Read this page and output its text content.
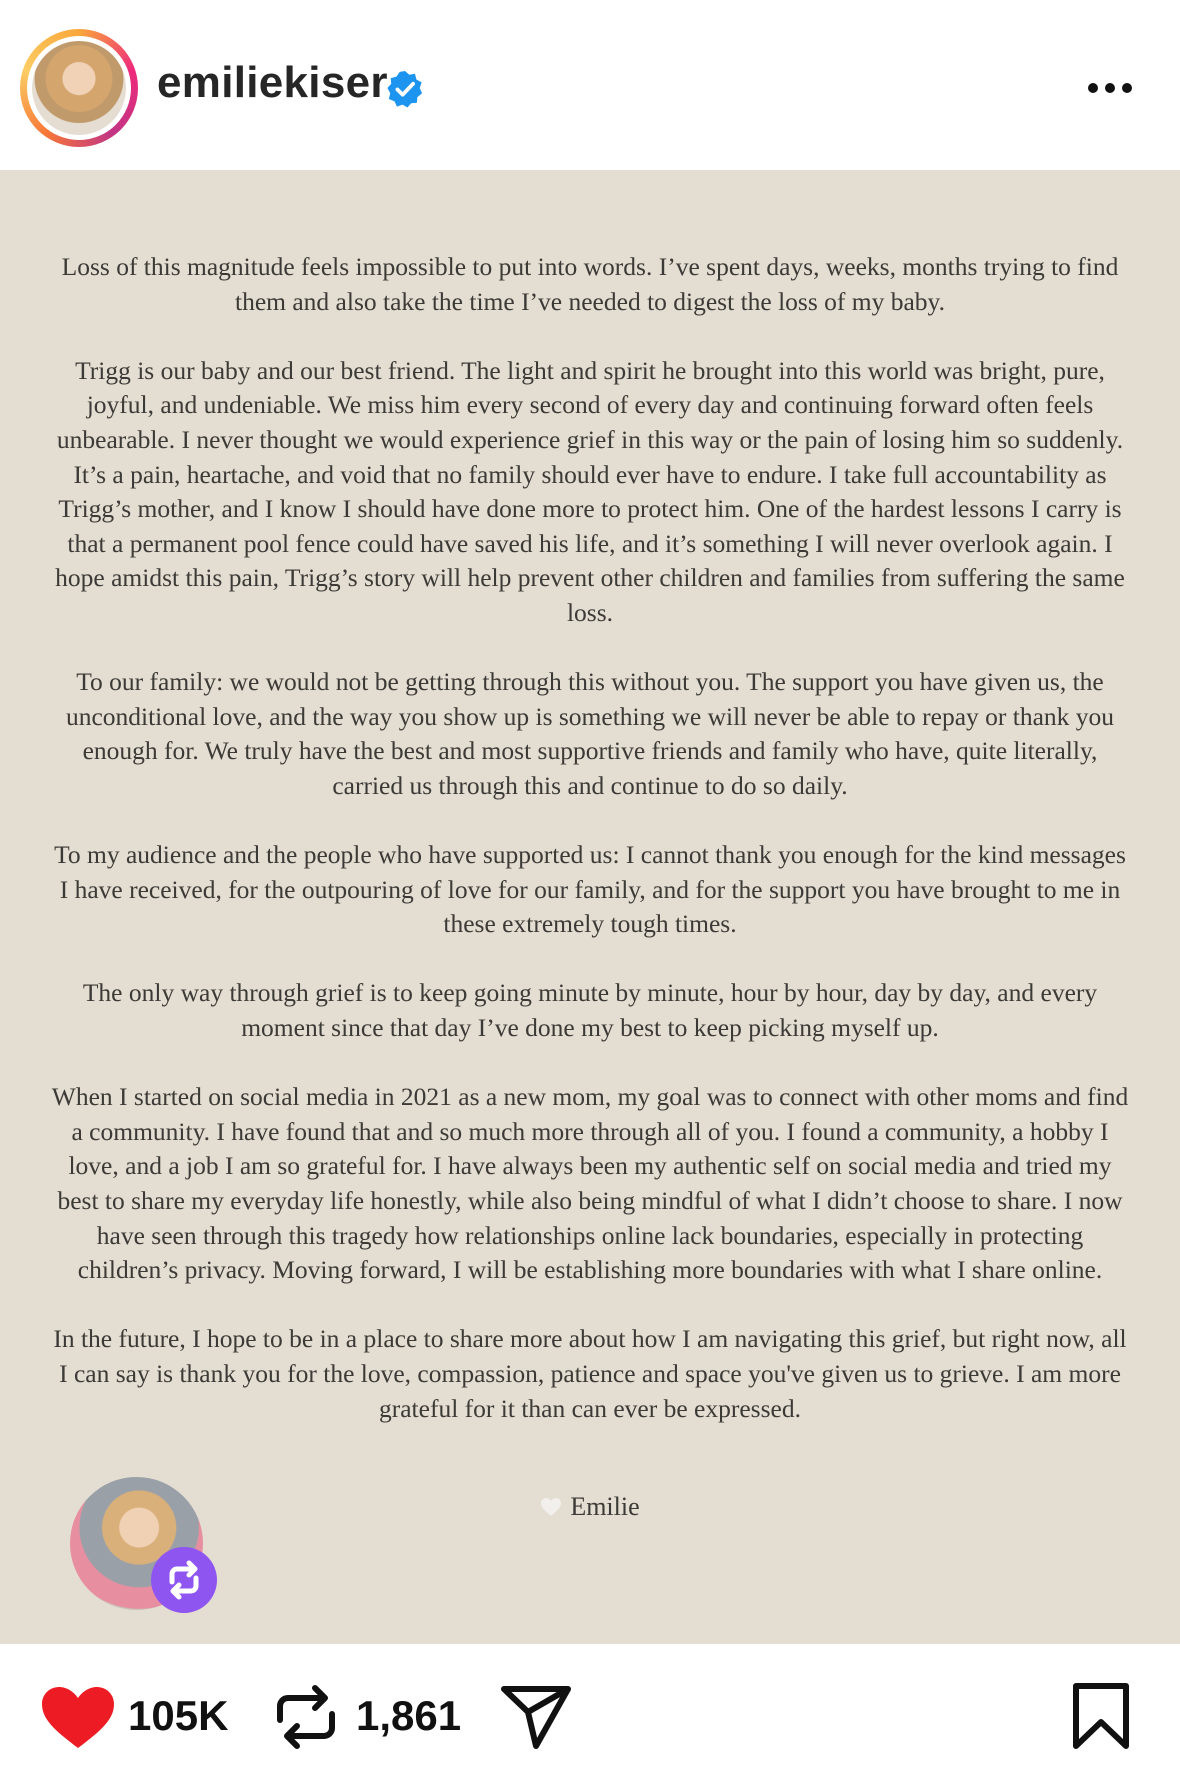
emiliekiser

Loss of this magnitude feels impossible to put into words. I’ve spent days, weeks, months trying to find them and also take the time I’ve needed to digest the loss of my baby.

Trigg is our baby and our best friend. The light and spirit he brought into this world was bright, pure, joyful, and undeniable. We miss him every second of every day and continuing forward often feels unbearable. I never thought we would experience grief in this way or the pain of losing him so suddenly. It’s a pain, heartache, and void that no family should ever have to endure. I take full accountability as Trigg’s mother, and I know I should have done more to protect him. One of the hardest lessons I carry is that a permanent pool fence could have saved his life, and it’s something I will never overlook again. I hope amidst this pain, Trigg’s story will help prevent other children and families from suffering the same loss.

To our family: we would not be getting through this without you. The support you have given us, the unconditional love, and the way you show up is something we will never be able to repay or thank you enough for. We truly have the best and most supportive friends and family who have, quite literally, carried us through this and continue to do so daily.

To my audience and the people who have supported us: I cannot thank you enough for the kind messages I have received, for the outpouring of love for our family, and for the support you have brought to me in these extremely tough times.

The only way through grief is to keep going minute by minute, hour by hour, day by day, and every moment since that day I’ve done my best to keep picking myself up.

When I started on social media in 2021 as a new mom, my goal was to connect with other moms and find a community. I have found that and so much more through all of you. I found a community, a hobby I love, and a job I am so grateful for. I have always been my authentic self on social media and tried my best to share my everyday life honestly, while also being mindful of what I didn’t choose to share. I now have seen through this tragedy how relationships online lack boundaries, especially in protecting children’s privacy. Moving forward, I will be establishing more boundaries with what I share online.

In the future, I hope to be in a place to share more about how I am navigating this grief, but right now, all I can say is thank you for the love, compassion, patience and space you've given us to grieve. I am more grateful for it than can ever be expressed.

Emilie
105K	1,861
